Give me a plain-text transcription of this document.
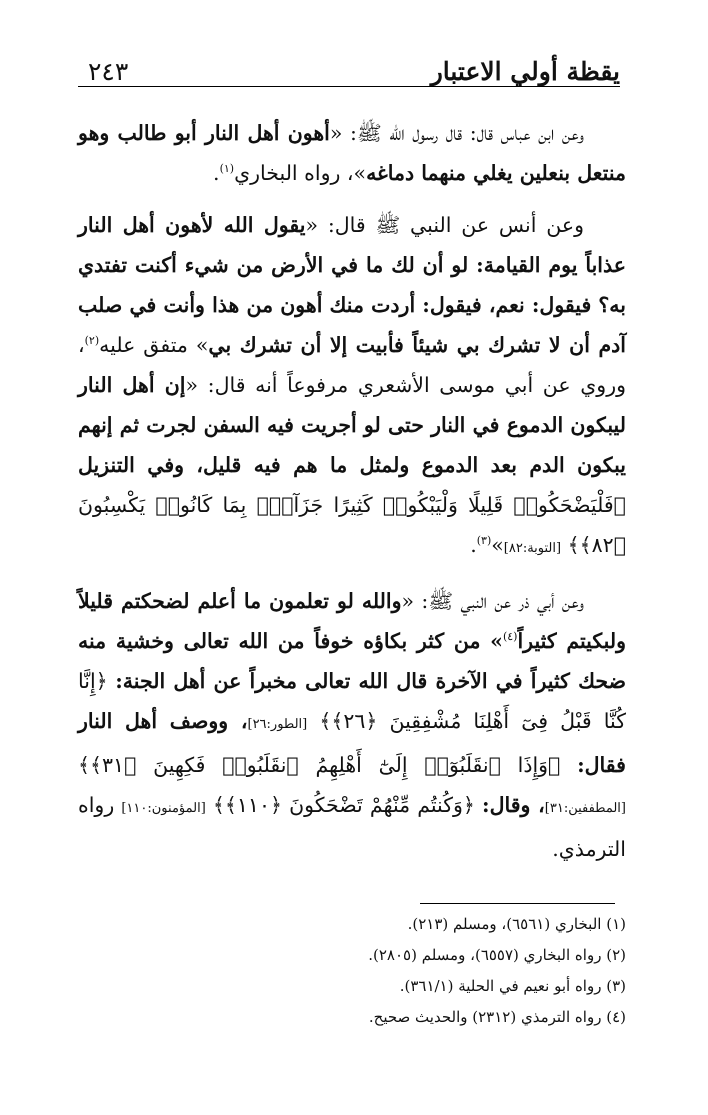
يقظة أولي الاعتبار
٢٤٣

وعن ابن عباس قال: قال رسول الله ﷺ: «أهون أهل النار أبو طالب وهو منتعل بنعلين يغلي منهما دماغه»، رواه البخاري$^{(١)}$.

وعن أنس عن النبي ﷺ قال: «يقول الله لأهون أهل النار عذاباً يوم القيامة: لو أن لك ما في الأرض من شيء أكنت تفتدي به؟ فيقول: نعم، فيقول: أردت منك أهون من هذا وأنت في صلب آدم أن لا تشرك بي شيئاً فأبيت إلا أن تشرك بي» متفق عليه$^{(٢)}$، وروي عن أبي موسى الأشعري مرفوعاً أنه قال: «إن أهل النار ليبكون الدموع في النار حتى لو أجريت فيه السفن لجرت ثم إنهم يبكون الدم بعد الدموع ولمثل ما هم فيه قليل، وفي التنزيل ﴿فَلْيَضْحَكُوا۟ قَلِيلًا وَلْيَبْكُوا۟ كَثِيرًا جَزَآءًۢ بِمَا كَانُوا۟ يَكْسِبُونَ ﴿٨٢﴾﴾ [التوبة:٨٢]»$^{(٣)}$.

وعن أبي ذر عن النبي ﷺ: «والله لو تعلمون ما أعلم لضحكتم قليلاً ولبكيتم كثيراً$^{(٤)}$» من كثر بكاؤه خوفاً من الله تعالى وخشية منه ضحك كثيراً في الآخرة قال الله تعالى مخبراً عن أهل الجنة: ﴿إِنَّا كُنَّا قَبْلُ فِىٓ أَهْلِنَا مُشْفِقِينَ ﴿٢٦﴾﴾ [الطور:٢٦]، ووصف أهل النار فقال: ﴿وَإِذَا ٱنقَلَبُوٓا۟ إِلَىٰٓ أَهْلِهِمُ ٱنقَلَبُوا۟ فَكِهِينَ ﴿٣١﴾﴾ [المطففين:٣١]، وقال: ﴿وَكُنتُم مِّنْهُمْ تَضْحَكُونَ ﴿١١٠﴾﴾ [المؤمنون:١١٠] رواه الترمذي.

(١) البخاري (٦٥٦١)، ومسلم (٢١٣).

(٢) رواه البخاري (٦٥٥٧)، ومسلم (٢٨٠٥).

(٣) رواه أبو نعيم في الحلية (٣٦١/١).

(٤) رواه الترمذي (٢٣١٢) والحديث صحيح.
